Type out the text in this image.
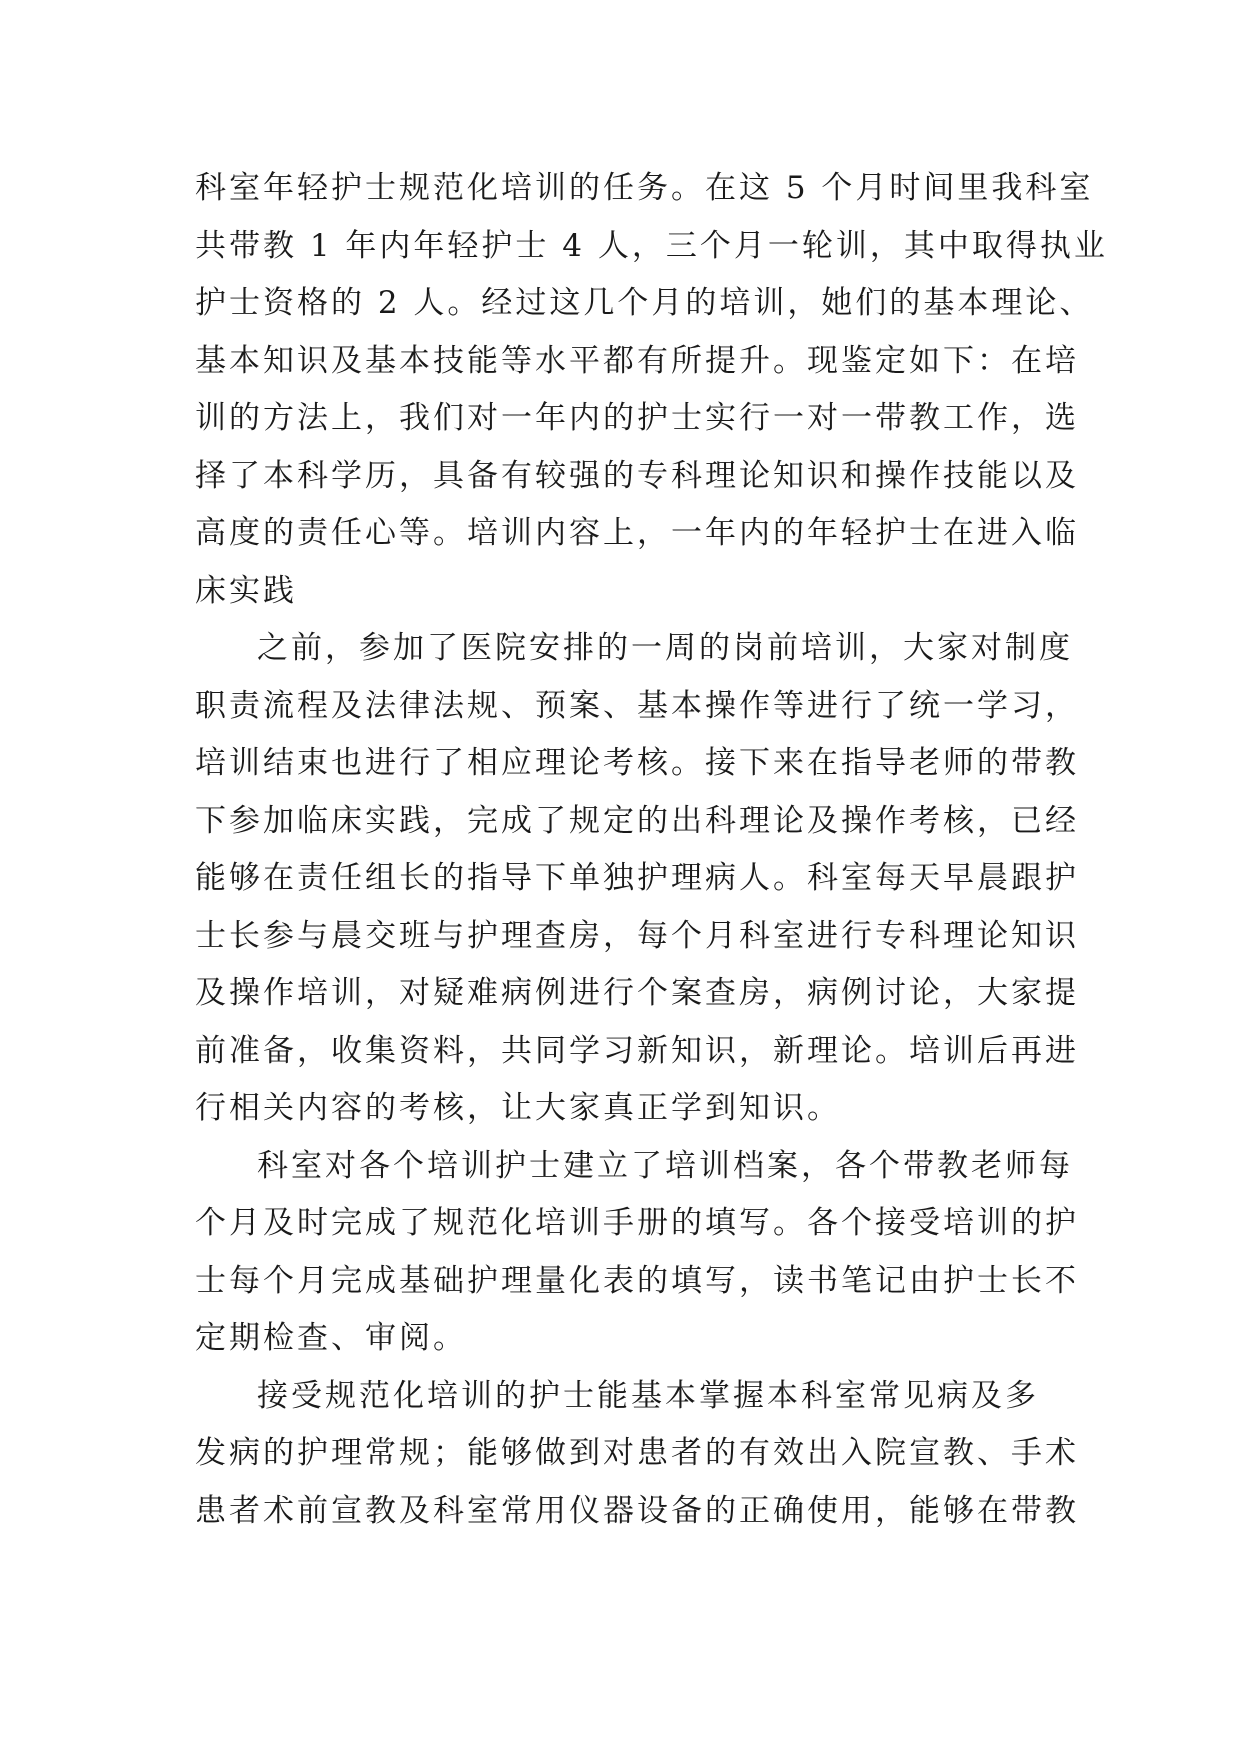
科室年轻护士规范化培训的任务。在这 5 个月时间里我科室
共带教 1 年内年轻护士 4 人，三个月一轮训，其中取得执业
护士资格的 2 人。经过这几个月的培训，她们的基本理论、
基本知识及基本技能等水平都有所提升。现鉴定如下：在培
训的方法上，我们对一年内的护士实行一对一带教工作，选
择了本科学历，具备有较强的专科理论知识和操作技能以及
高度的责任心等。培训内容上，一年内的年轻护士在进入临
床实践
之前，参加了医院安排的一周的岗前培训，大家对制度
职责流程及法律法规、预案、基本操作等进行了统一学习，
培训结束也进行了相应理论考核。接下来在指导老师的带教
下参加临床实践，完成了规定的出科理论及操作考核，已经
能够在责任组长的指导下单独护理病人。科室每天早晨跟护
士长参与晨交班与护理查房，每个月科室进行专科理论知识
及操作培训，对疑难病例进行个案查房，病例讨论，大家提
前准备，收集资料，共同学习新知识，新理论。培训后再进
行相关内容的考核，让大家真正学到知识。
科室对各个培训护士建立了培训档案，各个带教老师每
个月及时完成了规范化培训手册的填写。各个接受培训的护
士每个月完成基础护理量化表的填写，读书笔记由护士长不
定期检查、审阅。
接受规范化培训的护士能基本掌握本科室常见病及多
发病的护理常规；能够做到对患者的有效出入院宣教、手术
患者术前宣教及科室常用仪器设备的正确使用，能够在带教
